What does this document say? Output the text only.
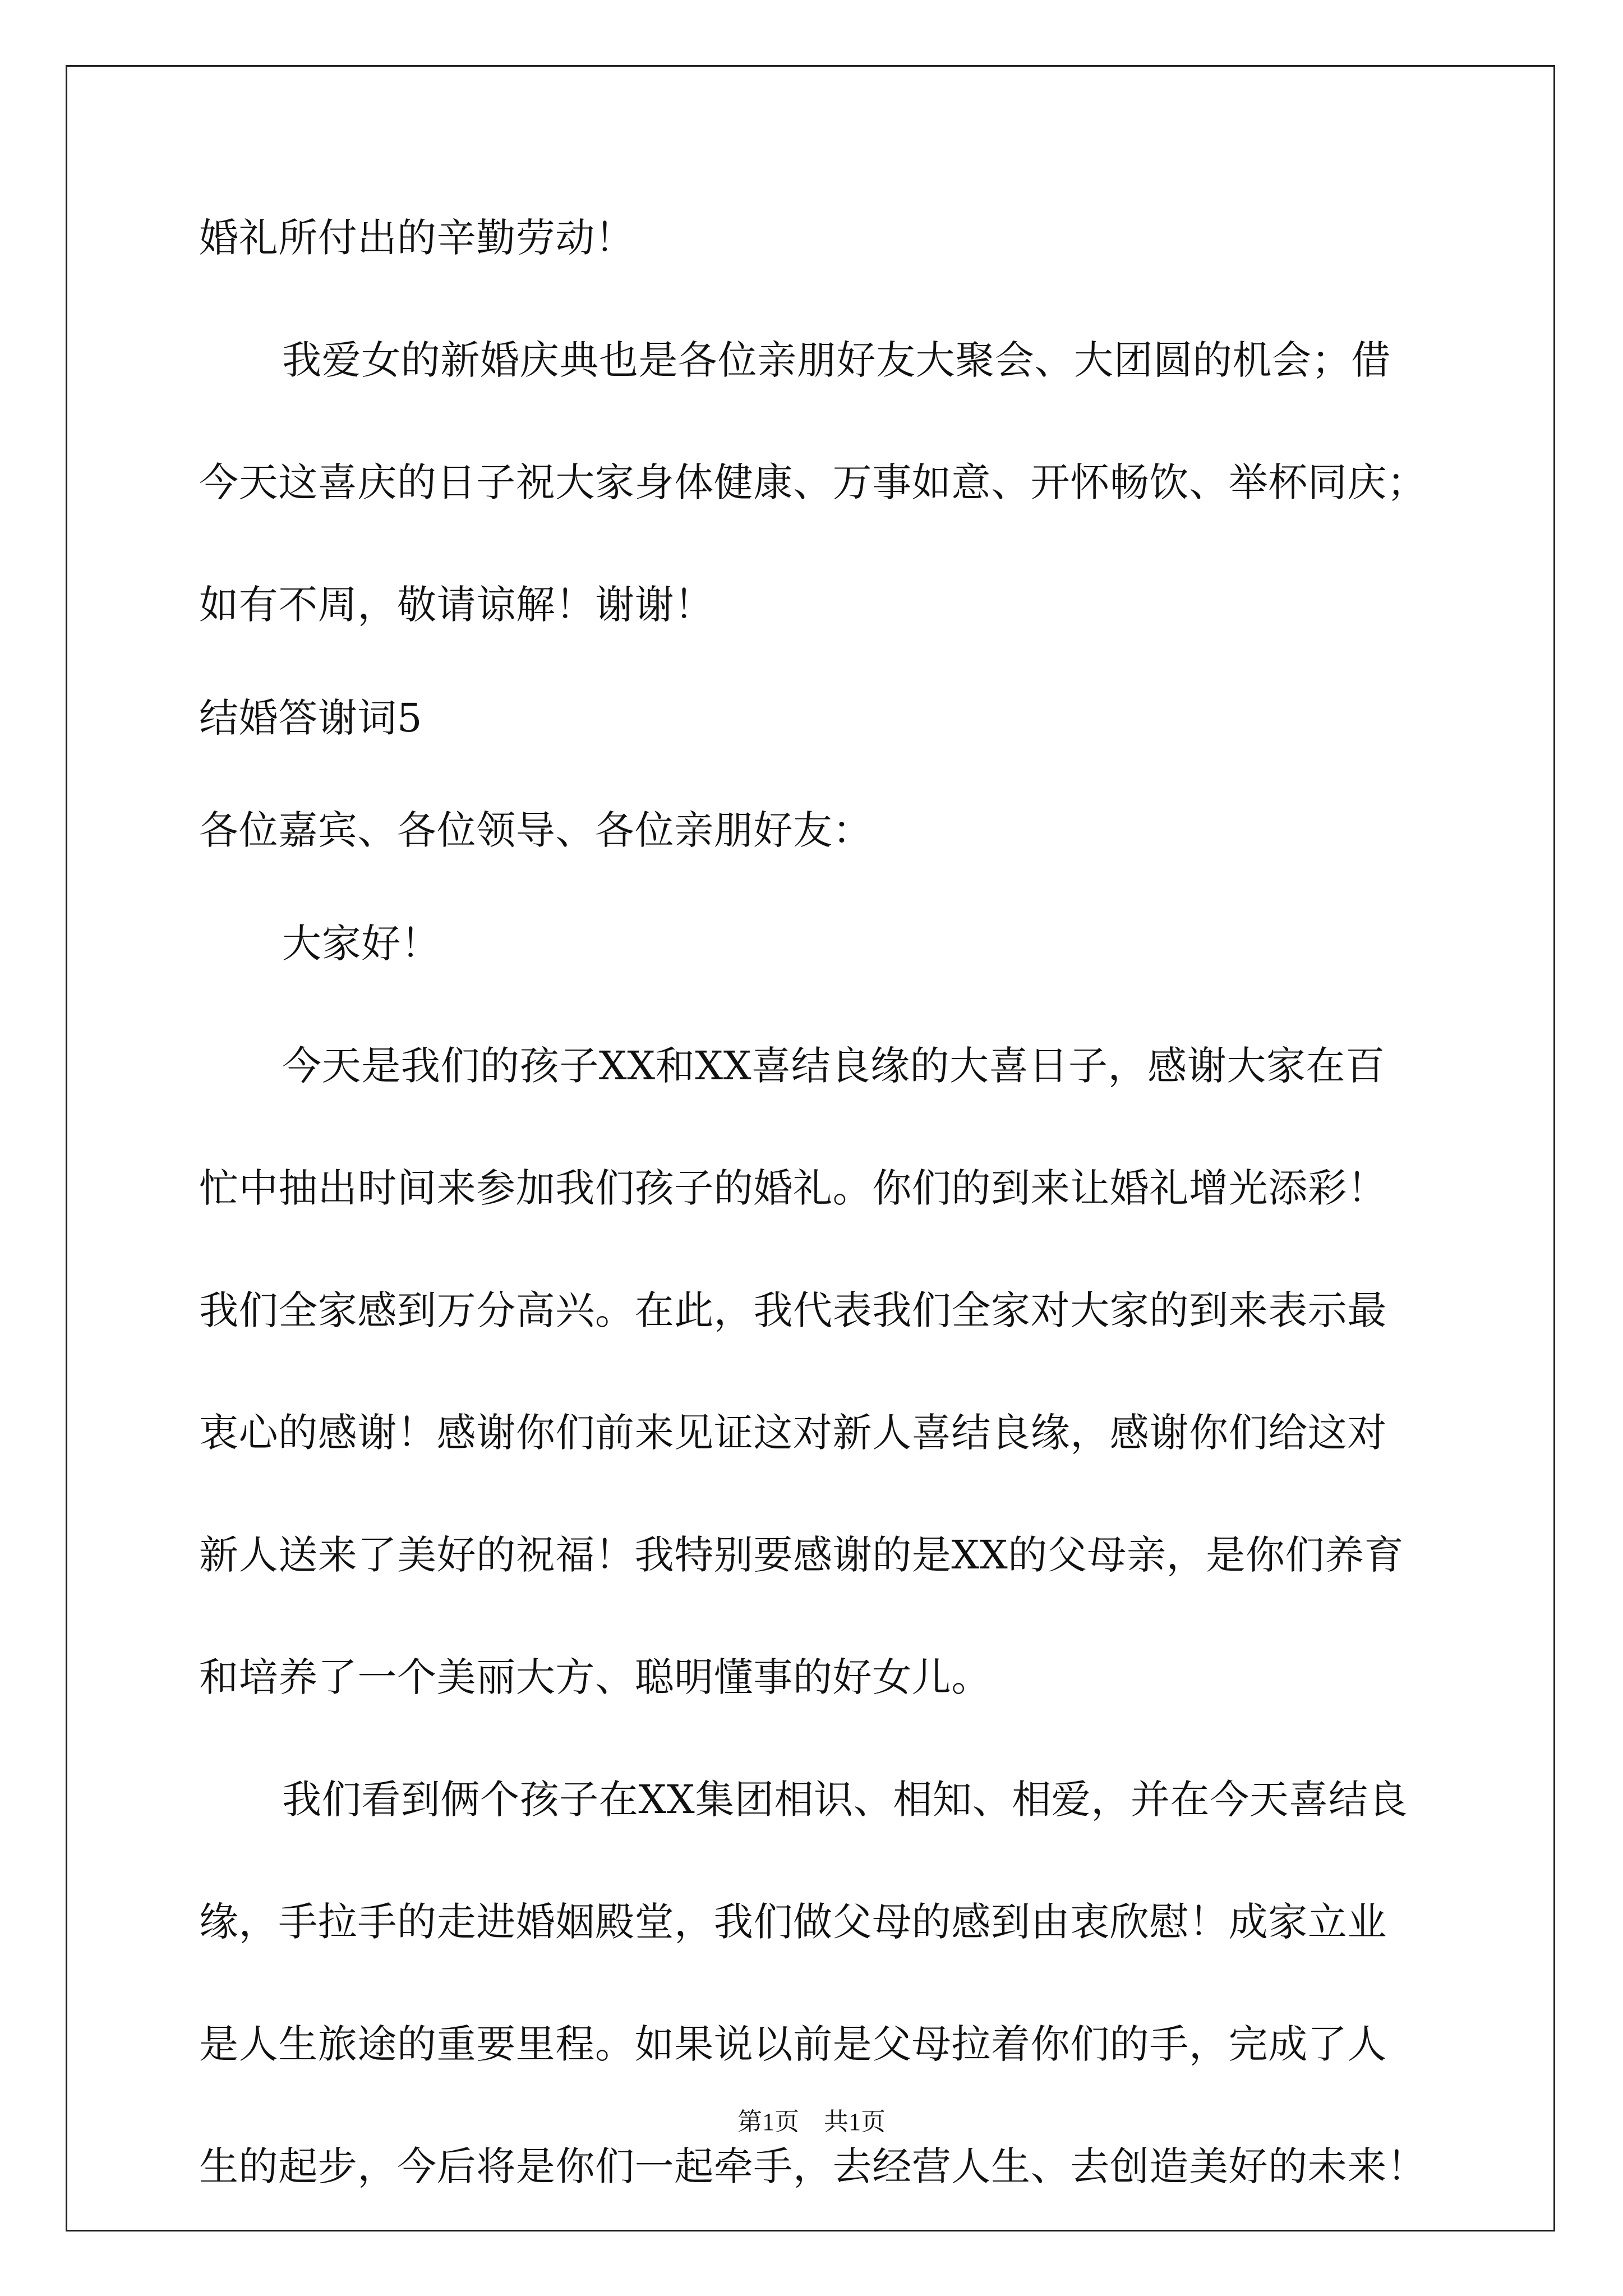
婚礼所付出的辛勤劳动！
我爱女的新婚庆典也是各位亲朋好友大聚会、大团圆的机会；借
今天这喜庆的日子祝大家身体健康、万事如意、开怀畅饮、举杯同庆；
如有不周，敬请谅解！谢谢！
结婚答谢词5
各位嘉宾、各位领导、各位亲朋好友：
大家好！
今天是我们的孩子XX和XX喜结良缘的大喜日子，感谢大家在百
忙中抽出时间来参加我们孩子的婚礼。你们的到来让婚礼增光添彩！
我们全家感到万分高兴。在此，我代表我们全家对大家的到来表示最
衷心的感谢！感谢你们前来见证这对新人喜结良缘，感谢你们给这对
新人送来了美好的祝福！我特别要感谢的是XX的父母亲，是你们养育
和培养了一个美丽大方、聪明懂事的好女儿。
我们看到俩个孩子在XX集团相识、相知、相爱，并在今天喜结良
缘，手拉手的走进婚姻殿堂，我们做父母的感到由衷欣慰！成家立业
是人生旅途的重要里程。如果说以前是父母拉着你们的手，完成了人
生的起步，今后将是你们一起牵手，去经营人生、去创造美好的未来！
第1页　共1页
